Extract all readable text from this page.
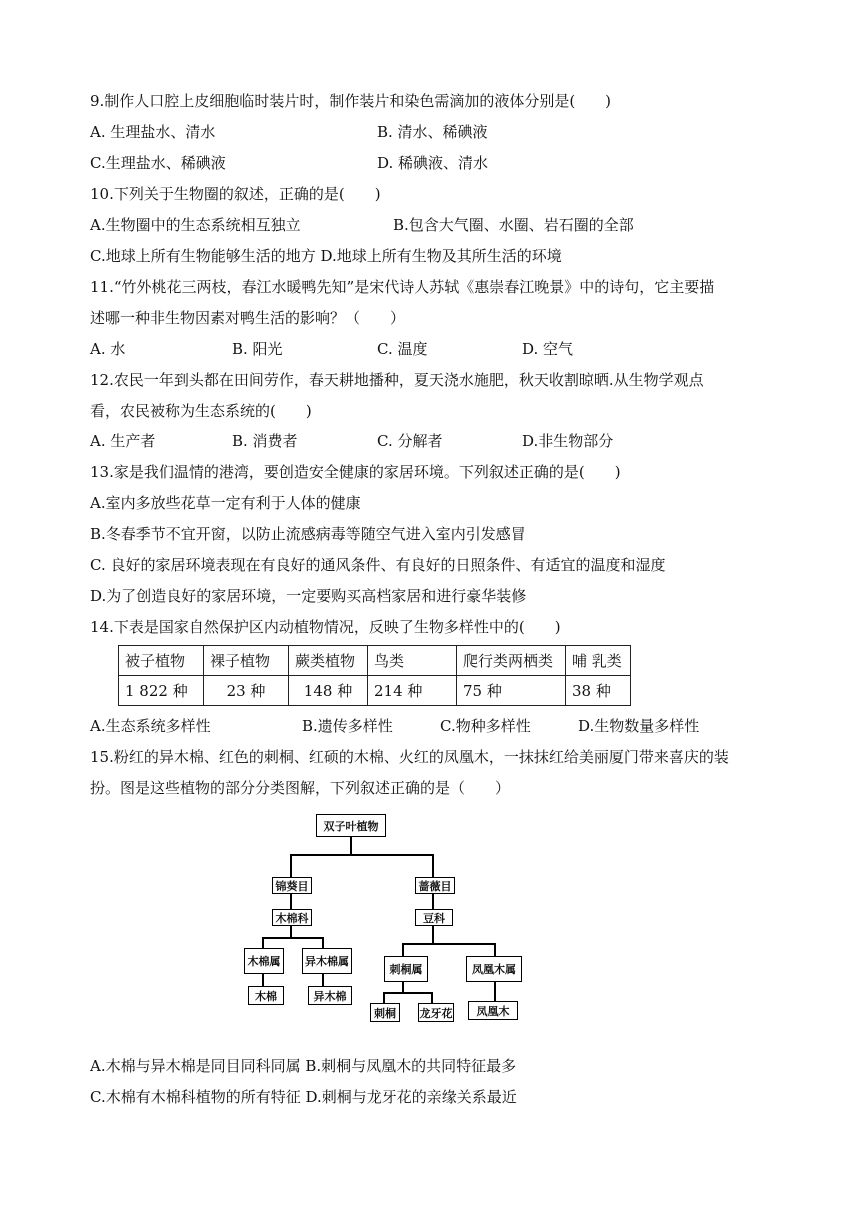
9.制作人口腔上皮细胞临时装片时，制作装片和染色需滴加的液体分别是(　　)
A. 生理盐水、清水	B. 清水、稀碘液
C.生理盐水、稀碘液	D. 稀碘液、清水
10.下列关于生物圈的叙述，正确的是(　　)
A.生物圈中的生态系统相互独立	B.包含大气圈、水圈、岩石圈的全部
C.地球上所有生物能够生活的地方 D.地球上所有生物及其所生活的环境
11.“竹外桃花三两枝，春江水暖鸭先知”是宋代诗人苏轼《惠崇春江晚景》中的诗句，它主要描
述哪一种非生物因素对鸭生活的影响？（　　）
A. 水	B. 阳光	C. 温度	D. 空气
12.农民一年到头都在田间劳作，春天耕地播种，夏天浇水施肥，秋天收割晾晒.从生物学观点
看，农民被称为生态系统的(　　)
A. 生产者	B. 消费者	C. 分解者	D.非生物部分
13.家是我们温情的港湾，要创造安全健康的家居环境。下列叙述正确的是(　　)
A.室内多放些花草一定有利于人体的健康
B.冬春季节不宜开窗，以防止流感病毒等随空气进入室内引发感冒
C. 良好的家居环境表现在有良好的通风条件、有良好的日照条件、有适宜的温度和湿度
D.为了创造良好的家居环境，一定要购买高档家居和进行豪华装修
14.下表是国家自然保护区内动植物情况，反映了生物多样性中的(　　)
被子植物	裸子植物	蕨类植物	鸟类	爬行类两栖类	哺 乳类
1 822 种	23 种	148 种	214 种	75 种	38 种
A.生态系统多样性	B.遗传多样性	C.物种多样性	D.生物数量多样性
15.粉红的异木棉、红色的刺桐、红硕的木棉、火红的凤凰木，一抹抹红给美丽厦门带来喜庆的装
扮。图是这些植物的部分分类图解，下列叙述正确的是（　　）
双子叶植物
锦葵目	蔷薇目
木棉科	豆科
木棉属	异木棉属
刺桐属	凤凰木属
木棉	异木棉
刺桐	龙牙花	凤凰木
A.木棉与异木棉是同目同科同属 B.刺桐与凤凰木的共同特征最多
C.木棉有木棉科植物的所有特征 D.刺桐与龙牙花的亲缘关系最近
